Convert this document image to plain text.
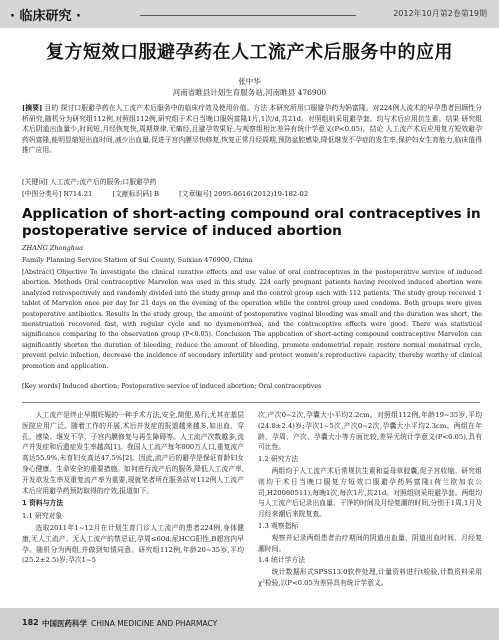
· 临床研究 ·	2012年10月第2卷第19期
复方短效口服避孕药在人工流产术后服务中的应用
张中华
河南省睢县计划生育服务站,河南睢县 476900
[摘要] 目的 探讨口服避孕药在人工流产术后服务中的临床疗效及使用价值。方法 本研究所用口服避孕药为妈富隆。对224例人流术的早孕患者回顾性分析研究,随机分为研究组112例,对照组112例,研究组于术日当晚口服妈富隆1片,1次/d,共21d。对照组则采用避孕套。均与术后应用抗生素。结果 研究组术后阴道出血量少,时间短,月经恢复快,周期规律,无痛经,且避孕效果好,与观察组相比差异有统计学意义(P<0.05)。结论 人工流产术后应用复方短效避孕药妈富隆,能明显缩短出血时间,减少出血量,促进子宫内膜尽快修复,恢复正常月经周期,预防盆腔感染,降低继发不孕症的发生率,保护妇女生育能力,临床值得推广应用。
[关键词] 人工流产;流产后的服务;口服避孕药
[中图分类号] R714.21	[文献标识码] B	[文章编号] 2095-0616(2012)19-182-02
Application of short-acting compound oral contraceptives in postoperative service of induced abortion
ZHANG Zhonghua
Family Planning Service Station of Sui County, Suixian 476900, China
[Abstract] Objective To investigate the clinical curative effects and use value of oral contraceptives in the postoperative service of induced abortion. Methods Oral contraceptive Marvelon was used in this study. 224 early pregnant patients having received induced abortion were analyzed retrospectively and randomly divided into the study group and the control group each with 112 patients. The study group received 1 tablet of Marvelon once per day for 21 days on the evening of the operation while the control group used condoms. Both groups were given postoperative antibiotics. Results In the study group, the amount of postoperative vaginal bleeding was small and the duration was short, the menstruation recovered fast, with regular cycle and no dysmenorrhea, and the contraceptive effects were good. There was statistical significance comparing to the observation group (P<0.05). Conclusion The application of short-acting compound contraceptive Marvelon can significantly shorten the duration of bleeding, reduce the amount of bleeding, promote endometrial repair, restore normal menstrual cycle, prevent pelvic infection, decrease the incidence of secondary infertility and protect women's reproductive capacity, thereby worthy of clinical promotion and application.
[Key words] Induced abortion; Postoperative service of induced abortion; Oral contraceptives

人工流产是终止早期妊娠的一种手术方法,安全,简便,易行,尤其在基层医院应用广泛。随着工作的开展,术后并发症的报道越来越多,如出血、穿孔、感染、继发不孕、子宫内膜修复与再生障碍等。人工流产次数越多,流产并发症和后遗症发生率越高[1]。我国人工流产每年800万人口,重复流产高达55.9%,未育妇女高达47.5%[2]。因此,流产后的避孕是保证育龄妇女身心健康、生命安全的重要措施。如何进行流产后的服务,降低人工流产率,开发欲发生率及重复流产率为重要,现就笔者所在服务站对112例人工流产术后应用避孕药预防取得的疗效,报道如下。

1 资料与方法

1.1 研究对象

选取2011年1~12月在计划生育门诊人工流产的患者224例,身体健康,无人工流产、无人工流产的禁忌证,孕周≤60d,尿HCG阳性,B超宫内早孕。随机分为两组,并做到知情同意。研究组112例,年龄20~35岁,平均(25.2±2.5)岁;孕次1~5

次,产次0~2次,孕囊大小平均2.2cm。对照组112例,年龄19~35岁,平均(24.8±2.4)岁;孕次1~5次,产次0~2次,孕囊大小平均2.3cm。两组在年龄、孕周、产次、孕囊大小等方面比较,差异无统计学意义(P<0.05),具有可比性。

1.2 研究方法

两组均于人工流产术后常规抗生素和益母草胶囊,促子宫收缩。研究组则均于术日当晚口服复方短效口服避孕药妈富隆(荷兰欧加农公司,H20080511),每晚1次,每次1片,共21d。对照组则采用避孕套。两组均与人工流产后记录出血量、干净的时间及月经复潮的时间,分别于1周,1月及月经来潮后来院复查。

1.3 观察指标

观察并记录两组患者治疗期间的阴道出血量、阴道出血时间、月经复潮时间。

1.4 统计学方法

统计数据形式SPSS13.0软件处理,计量资料进行t检验,计数资料采用χ²检验,以P<0.05为差异具有统计学意义。

182 中国医药科学 CHINA MEDICINE AND PHARMACY
